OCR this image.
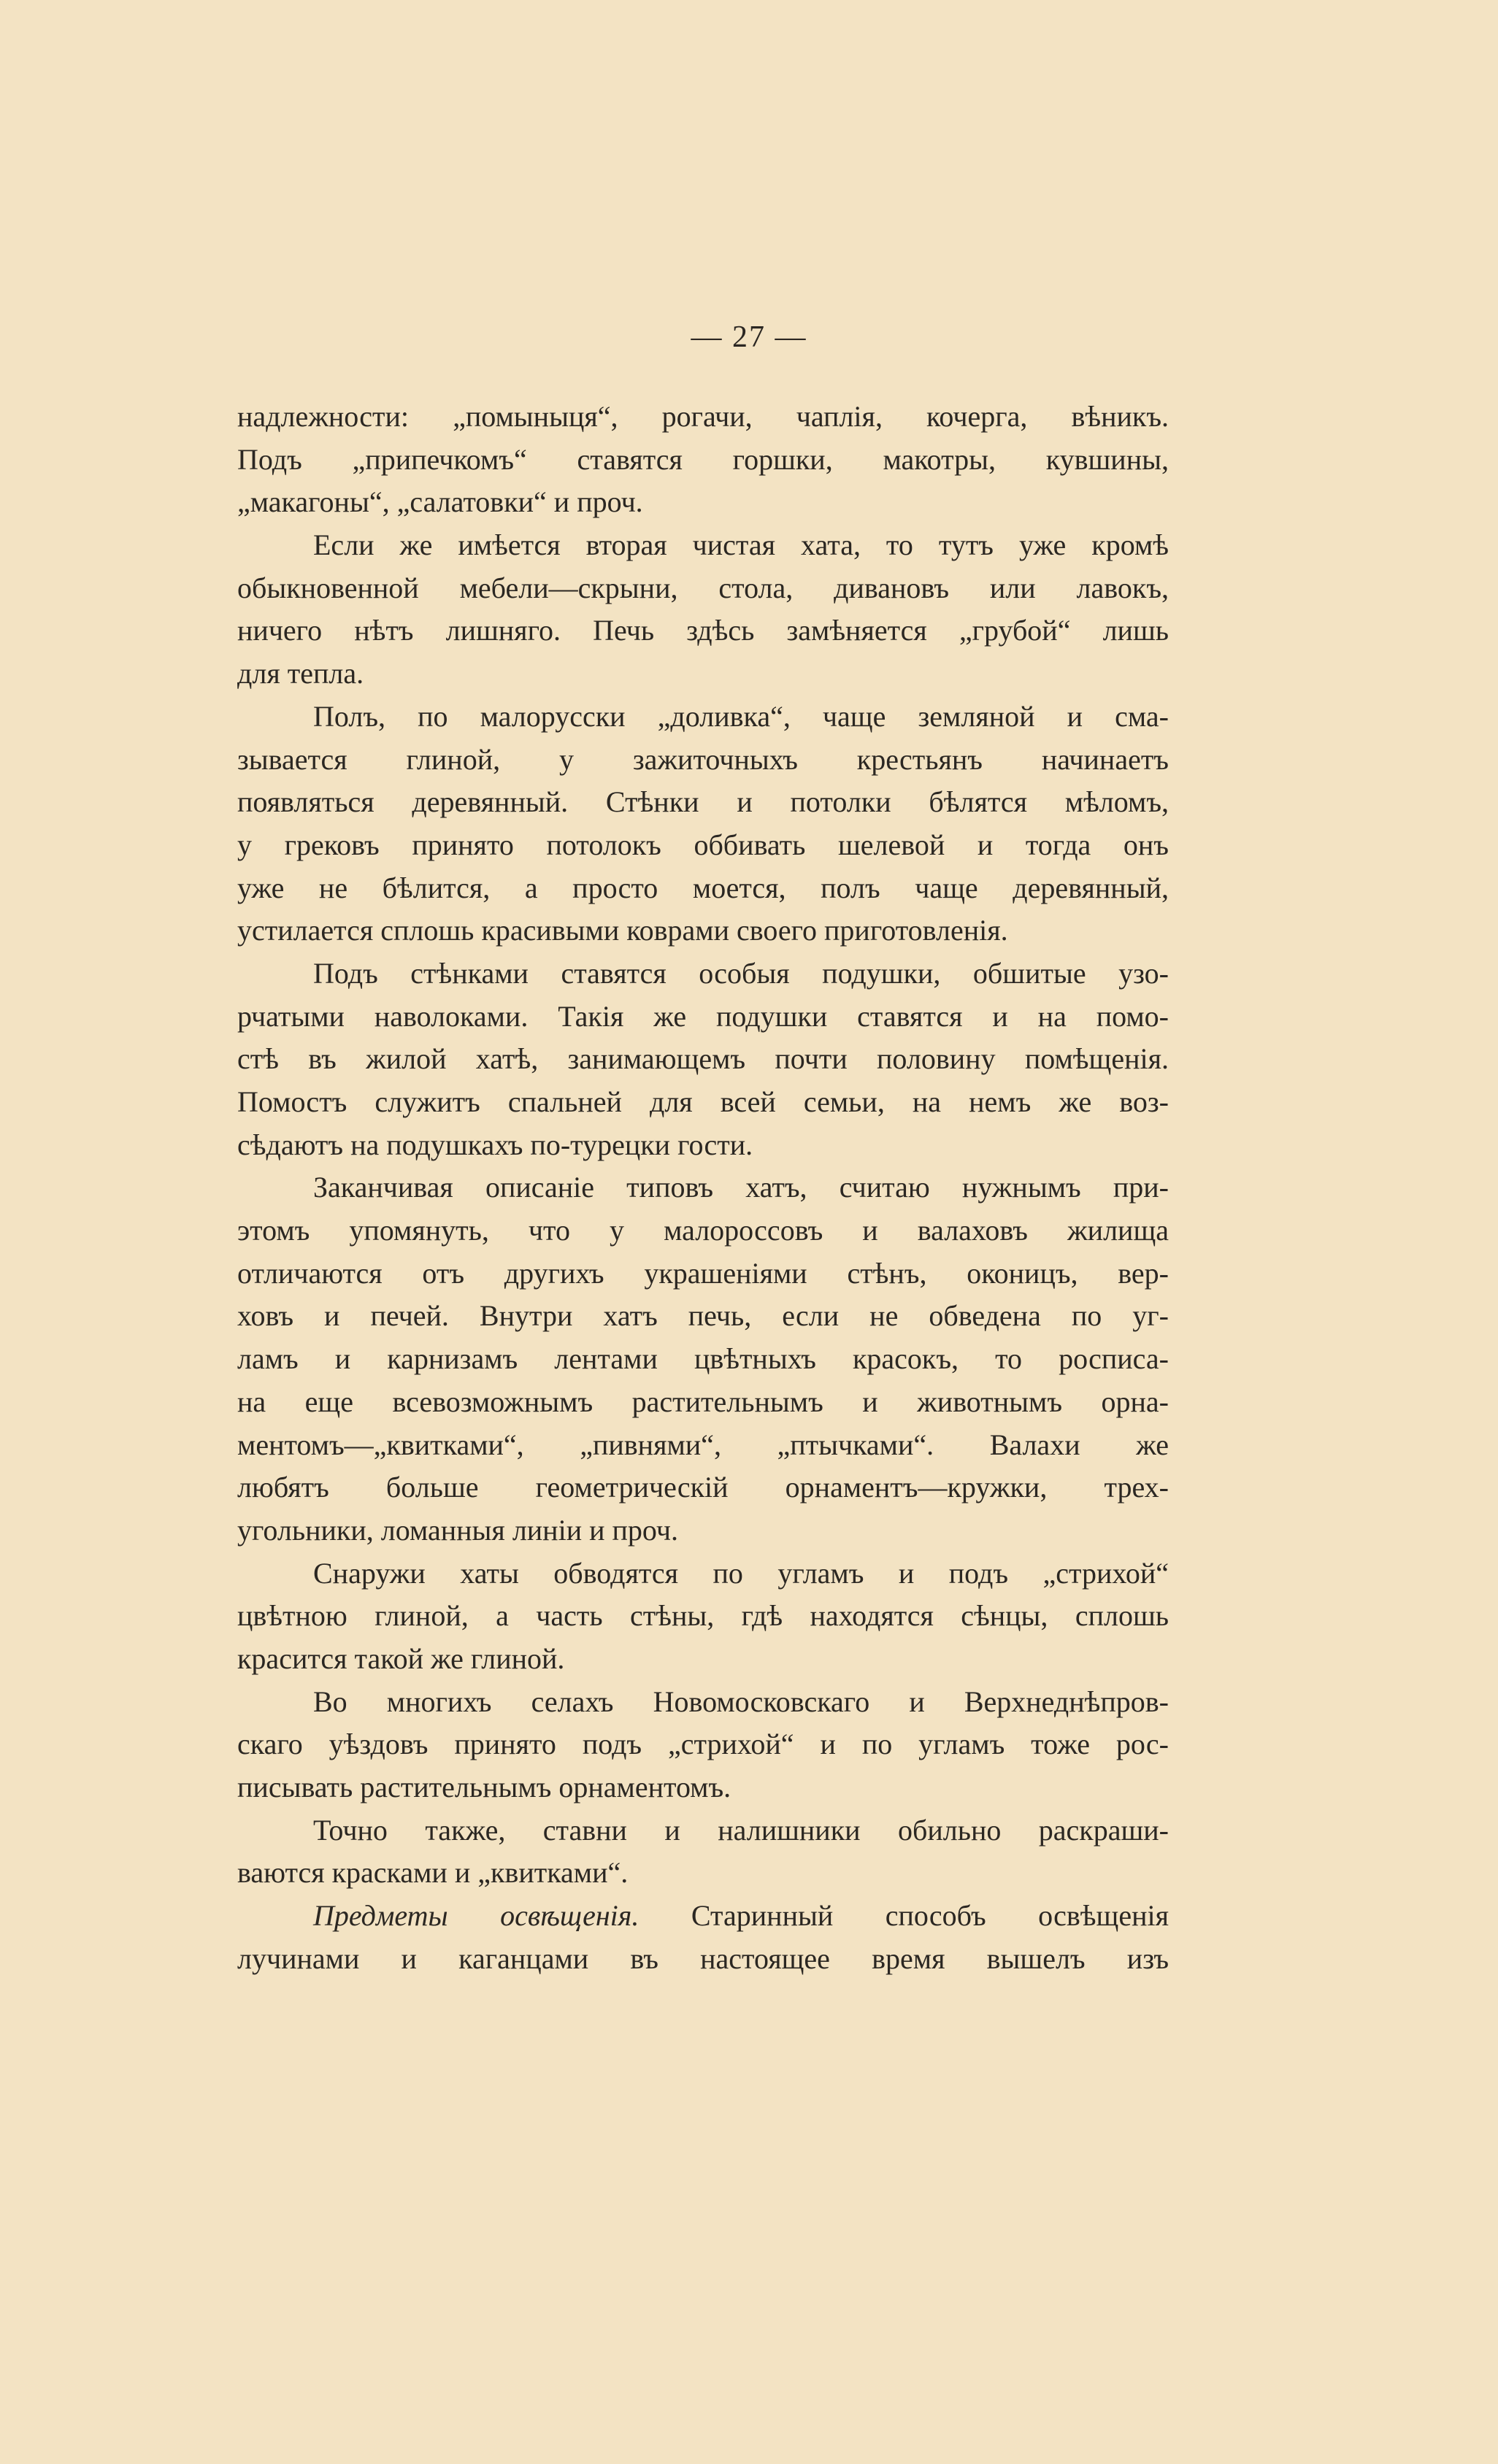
— 27 —
надлежности: „помыныця“, рогачи, чаплія, кочерга, вѣникъ.
Подъ „припечкомъ“ ставятся горшки, макотры, кувшины,
„макагоны“, „салатовки“ и проч.
Если же имѣется вторая чистая хата, то тутъ уже кромѣ
обыкновенной мебели—скрыни, стола, дивановъ или лавокъ,
ничего нѣтъ лишняго. Печь здѣсь замѣняется „грубой“ лишь
для тепла.
Полъ, по малорусски „доливка“, чаще земляной и сма-
зывается глиной, у зажиточныхъ крестьянъ начинаетъ
появляться деревянный. Стѣнки и потолки бѣлятся мѣломъ,
у грековъ принято потолокъ оббивать шелевой и тогда онъ
уже не бѣлится, а просто моется, полъ чаще деревянный,
устилается сплошь красивыми коврами своего приготовленія.
Подъ стѣнками ставятся особыя подушки, обшитые узо-
рчатыми наволоками. Такія же подушки ставятся и на помо-
стѣ въ жилой хатѣ, занимающемъ почти половину помѣщенія.
Помостъ служитъ спальней для всей семьи, на немъ же воз-
сѣдаютъ на подушкахъ по-турецки гости.
Заканчивая описаніе типовъ хатъ, считаю нужнымъ при-
этомъ упомянуть, что у малороссовъ и валаховъ жилища
отличаются отъ другихъ украшеніями стѣнъ, оконицъ, вер-
ховъ и печей. Внутри хатъ печь, если не обведена по уг-
ламъ и карнизамъ лентами цвѣтныхъ красокъ, то росписа-
на еще всевозможнымъ растительнымъ и животнымъ орна-
ментомъ—„квитками“, „пивнями“, „птычками“. Валахи же
любятъ больше геометрическій орнаментъ—кружки, трех-
угольники, ломанныя линіи и проч.
Снаружи хаты обводятся по угламъ и подъ „стрихой“
цвѣтною глиной, а часть стѣны, гдѣ находятся сѣнцы, сплошь
красится такой же глиной.
Во многихъ селахъ Новомосковскаго и Верхнеднѣпров-
скаго уѣздовъ принято подъ „стрихой“ и по угламъ тоже рос-
писывать растительнымъ орнаментомъ.
Точно также, ставни и налишники обильно раскраши-
ваются красками и „квитками“.
Предметы освѣщенія. Старинный способъ освѣщенія
лучинами и каганцами въ настоящее время вышелъ изъ
